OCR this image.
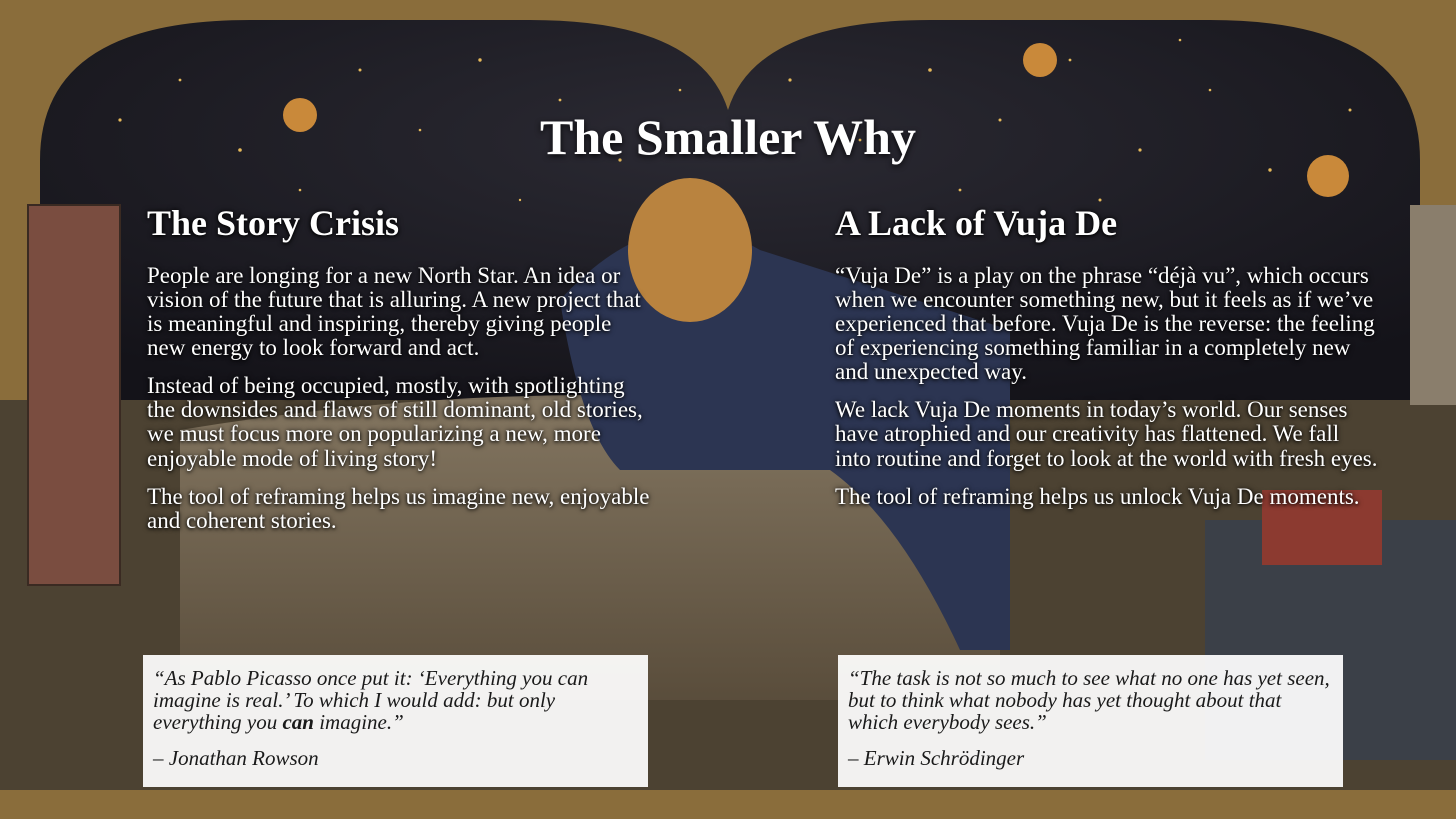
The Smaller Why
The Story Crisis

People are longing for a new North Star. An idea or vision of the future that is alluring. A new project that is meaningful and inspiring, thereby giving people new energy to look forward and act.

Instead of being occupied, mostly, with spotlighting the downsides and flaws of still dominant, old stories, we must focus more on popularizing a new, more enjoyable mode of living story!

The tool of reframing helps us imagine new, enjoyable and coherent stories.

A Lack of Vuja De

“Vuja De” is a play on the phrase “déjà vu”, which occurs when we encounter something new, but it feels as if we’ve experienced that before. Vuja De is the reverse: the feeling of experiencing something familiar in a completely new and unexpected way.

We lack Vuja De moments in today’s world. Our senses have atrophied and our creativity has flattened. We fall into routine and forget to look at the world with fresh eyes.

The tool of reframing helps us unlock Vuja De moments.

“As Pablo Picasso once put it: ‘Everything you can imagine is real.’ To which I would add: but only everything you can imagine.”

– Jonathan Rowson

“The task is not so much to see what no one has yet seen, but to think what nobody has yet thought about that which everybody sees.”

– Erwin Schrödinger
